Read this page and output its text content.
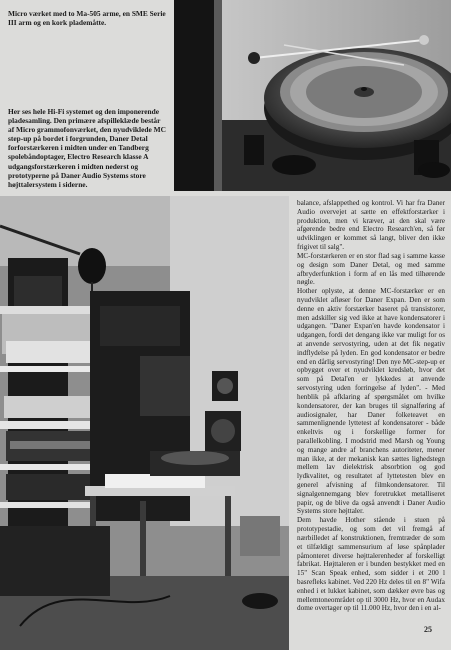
Micro værket med to Ma-505 arme, en SME Serie III arm og en kork plademåtte.
Her ses hele Hi-Fi systemet og den imponerende pladesamling. Den primære afspilleklæde består af Micro grammofonværket, den nyudviklede MC step-up på bordet i forgrunden, Daner Detal forforstærkeren i midten under en Tandberg spolebåndoptager, Electro Research klasse A udgangsforstærkeren i midten nederst og prototyperne på Daner Audio Systems store højttalersystem i siderne.

balance, afslappethed og kontrol. Vi har fra Daner Audio overvejet at sætte en effektforstærker i produktion, men vi kræver, at den skal være afgørende bedre end Electro Research'en, så før udviklingen er kommet så langt, bliver den ikke frigivet til salg".

MC-forstærkeren er en stor flad sag i samme kasse og design som Daner Detal, og med samme afbryderfunktion i form af en lås med tilhørende nøgle.

Hother oplyste, at denne MC-forstærker er en nyudviklet afløser for Daner Expan. Den er som denne en aktiv forstærker baseret på transistorer, men adskiller sig ved ikke at have kondensatorer i udgangen. "Daner Expan'en havde kondensator i udgangen, fordi det dengang ikke var muligt for os at anvende servostyring, uden at det fik negativ indflydelse på lyden. En god kondensator er bedre end en dårlig servostyring! Den nye MC-step-up er opbygget over et nyudviklet kredsløb, hvor det som på Detal'en er lykkedes at anvende servostyring uden forringelse af lyden". - Med henblik på afklaring af spørgsmålet om hvilke kondensatorer, der kan bruges til signalføring af audiosignaler, har Daner folketeavet en sammenlignende lyttetest af kondensatorer - både enkeltvis og i forskellige former for parallelkobling. I modstrid med Marsh og Young og mange andre af branchens autoriteter, mener man ikke, at der mekanisk kan sættes lighedstegn mellem lav dielektrisk absorbtion og god lydkvalitet, og resultatet af lyttetesten blev en generel afvisning af filmkondensatorer. Til signalgennemgang blev foretrukket metalliseret papir, og de blive da også anvendt i Daner Audio Systems store højttaler.

Dem havde Hother stående i stuen på prototypestadie, og som det vil fremgå af nærbilledet af konstruktionen, fremtræder de som et tilfældigt sammensurium af løse spånplader påmonteret diverse højttalerenheder af forskelligt fabrikat. Højttaleren er i bunden bestykket med en 15" Scan Speak enhed, som sidder i et 200 l basrefleks kabinet. Ved 220 Hz deles til en 8" Wifa enhed i et lukket kabinet, som dækker øvre bas og mellemtoneområdet op til 3000 Hz, hvor en Audax dome overtager op til 11.000 Hz, hvor den i en al-

25
